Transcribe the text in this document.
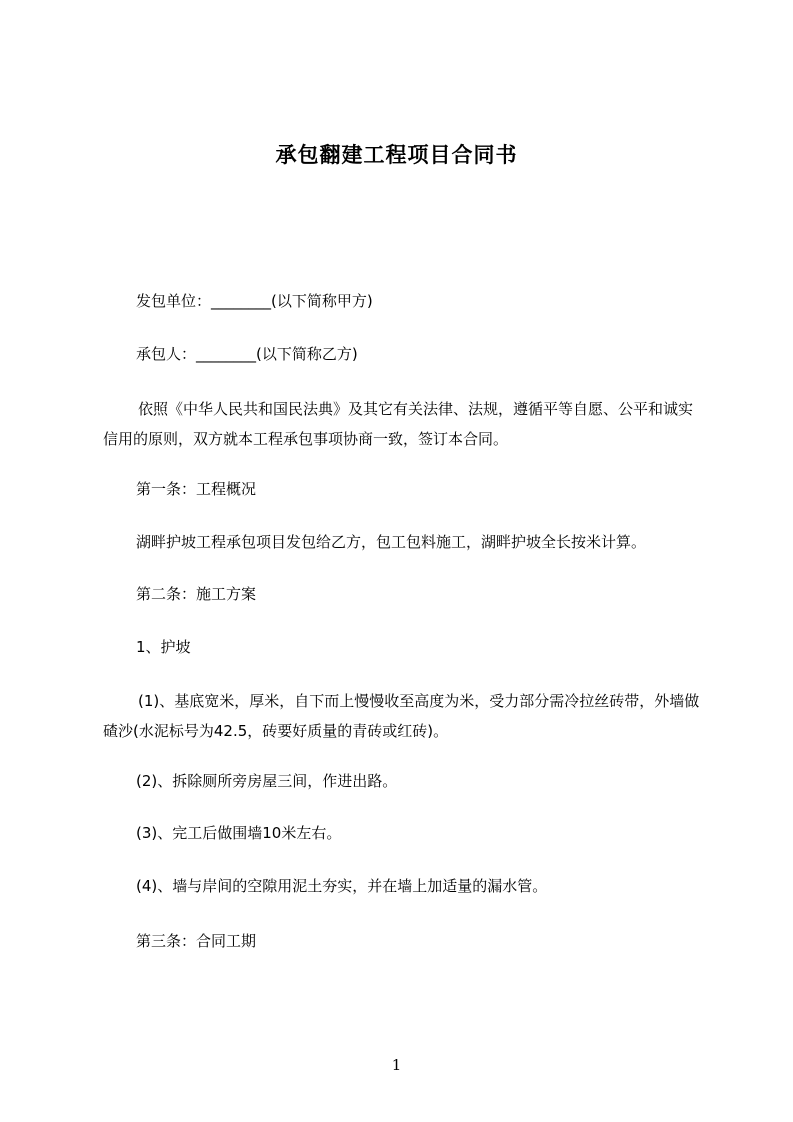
承包翻建工程项目合同书
发包单位：________(以下简称甲方)
承包人：________(以下简称乙方)
依照《中华人民共和国民法典》及其它有关法律、法规，遵循平等自愿、公平和诚实信用的原则，双方就本工程承包事项协商一致，签订本合同。
第一条：工程概况
湖畔护坡工程承包项目发包给乙方，包工包料施工，湖畔护坡全长按米计算。
第二条：施工方案
1、护坡
(1)、基底宽米，厚米，自下而上慢慢收至高度为米，受力部分需冷拉丝砖带，外墙做碴沙(水泥标号为42.5，砖要好质量的青砖或红砖)。
(2)、拆除厕所旁房屋三间，作进出路。
(3)、完工后做围墙10米左右。
(4)、墙与岸间的空隙用泥土夯实，并在墙上加适量的漏水管。
第三条：合同工期
1
